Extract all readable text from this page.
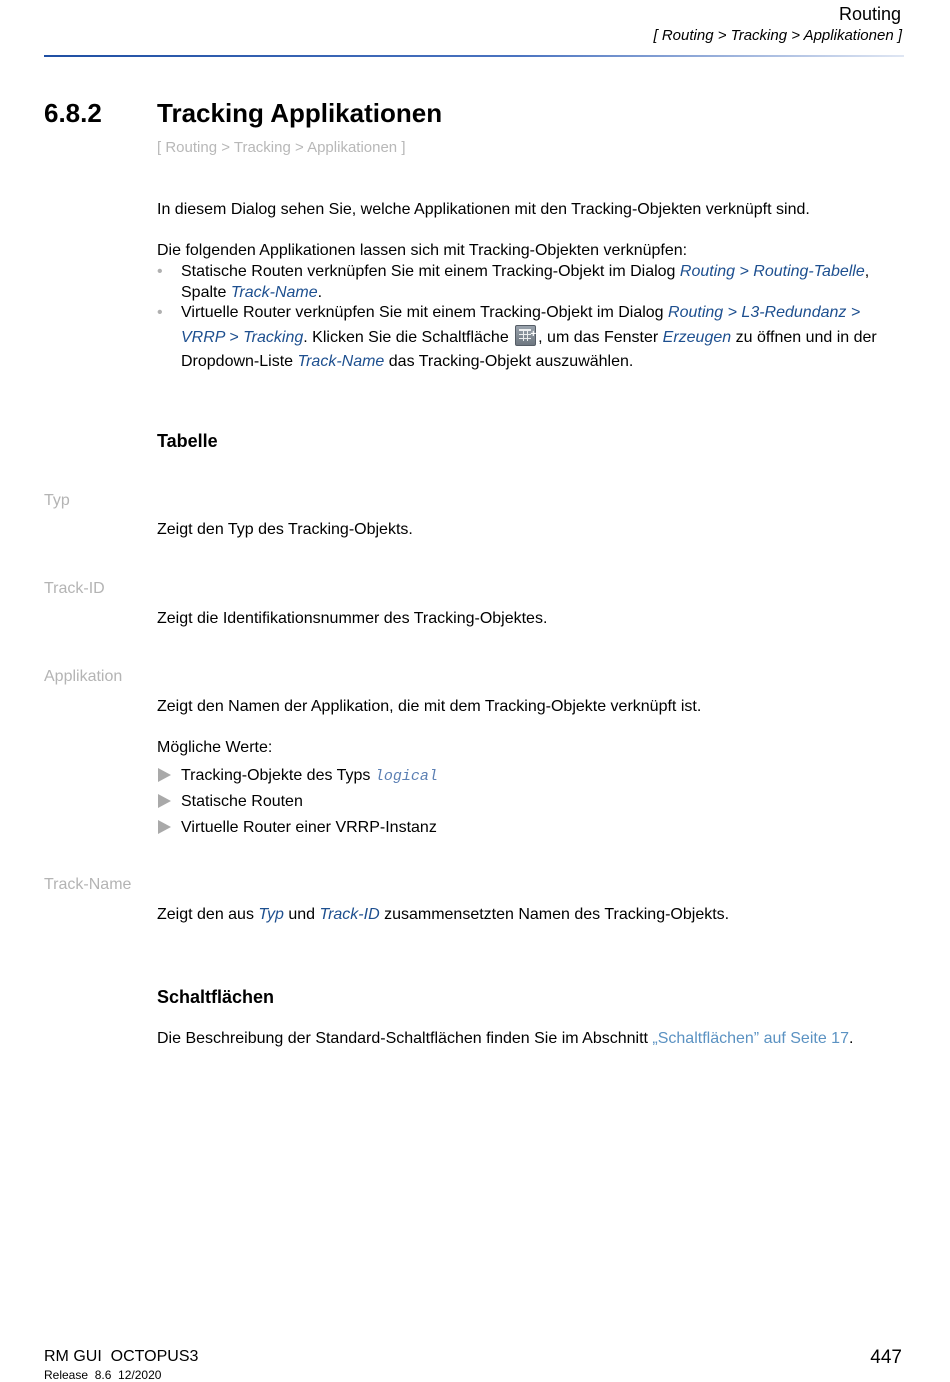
Routing
[ Routing > Tracking > Applikationen ]
6.8.2 Tracking Applikationen
[ Routing > Tracking > Applikationen ]
In diesem Dialog sehen Sie, welche Applikationen mit den Tracking-Objekten verknüpft sind.
Die folgenden Applikationen lassen sich mit Tracking-Objekten verknüpfen:
• Statische Routen verknüpfen Sie mit einem Tracking-Objekt im Dialog Routing > Routing-Tabelle, Spalte Track-Name.
• Virtuelle Router verknüpfen Sie mit einem Tracking-Objekt im Dialog Routing > L3-Redundanz > VRRP > Tracking. Klicken Sie die Schaltfläche + , um das Fenster Erzeugen zu öffnen und in der Dropdown-Liste Track-Name das Tracking-Objekt auszuwählen.
Tabelle
Typ
Zeigt den Typ des Tracking-Objekts.
Track-ID
Zeigt die Identifikationsnummer des Tracking-Objektes.
Applikation
Zeigt den Namen der Applikation, die mit dem Tracking-Objekte verknüpft ist.
Mögliche Werte:
Tracking-Objekte des Typs logical
Statische Routen
Virtuelle Router einer VRRP-Instanz
Track-Name
Zeigt den aus Typ und Track-ID zusammensetzten Namen des Tracking-Objekts.
Schaltflächen
Die Beschreibung der Standard-Schaltflächen finden Sie im Abschnitt „Schaltflächen” auf Seite 17.
RM GUI  OCTOPUS3
Release  8.6  12/2020
447
